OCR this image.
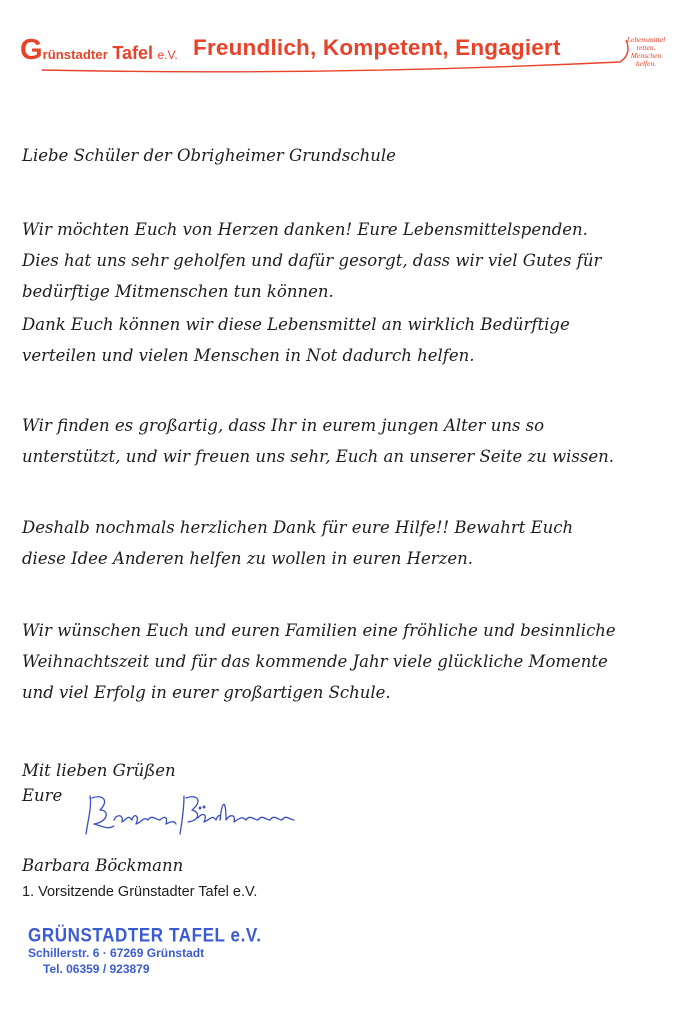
Grünstadter Tafel e.V. Freundlich, Kompetent, Engagiert	Lebensmittel
retten.
Menschen
helfen.

Liebe Schüler der Obrigheimer Grundschule

Wir möchten Euch von Herzen danken! Eure Lebensmittelspenden.
Dies hat uns sehr geholfen und dafür gesorgt, dass wir viel Gutes für
bedürftige Mitmenschen tun können.

Dank Euch können wir diese Lebensmittel an wirklich Bedürftige
verteilen und vielen Menschen in Not dadurch helfen.

Wir finden es großartig, dass Ihr in eurem jungen Alter uns so
unterstützt, und wir freuen uns sehr, Euch an unserer Seite zu wissen.

Deshalb nochmals herzlichen Dank für eure Hilfe!! Bewahrt Euch
diese Idee Anderen helfen zu wollen in euren Herzen.

Wir wünschen Euch und euren Familien eine fröhliche und besinnliche
Weihnachtszeit und für das kommende Jahr viele glückliche Momente
und viel Erfolg in eurer großartigen Schule.

Mit lieben Grüßen

Eure

Barbara Böckmann

1. Vorsitzende Grünstadter Tafel e.V.
GRÜNSTADTER TAFEL e.V.
Schillerstr. 6 · 67269 Grünstadt
Tel. 06359 / 923879
